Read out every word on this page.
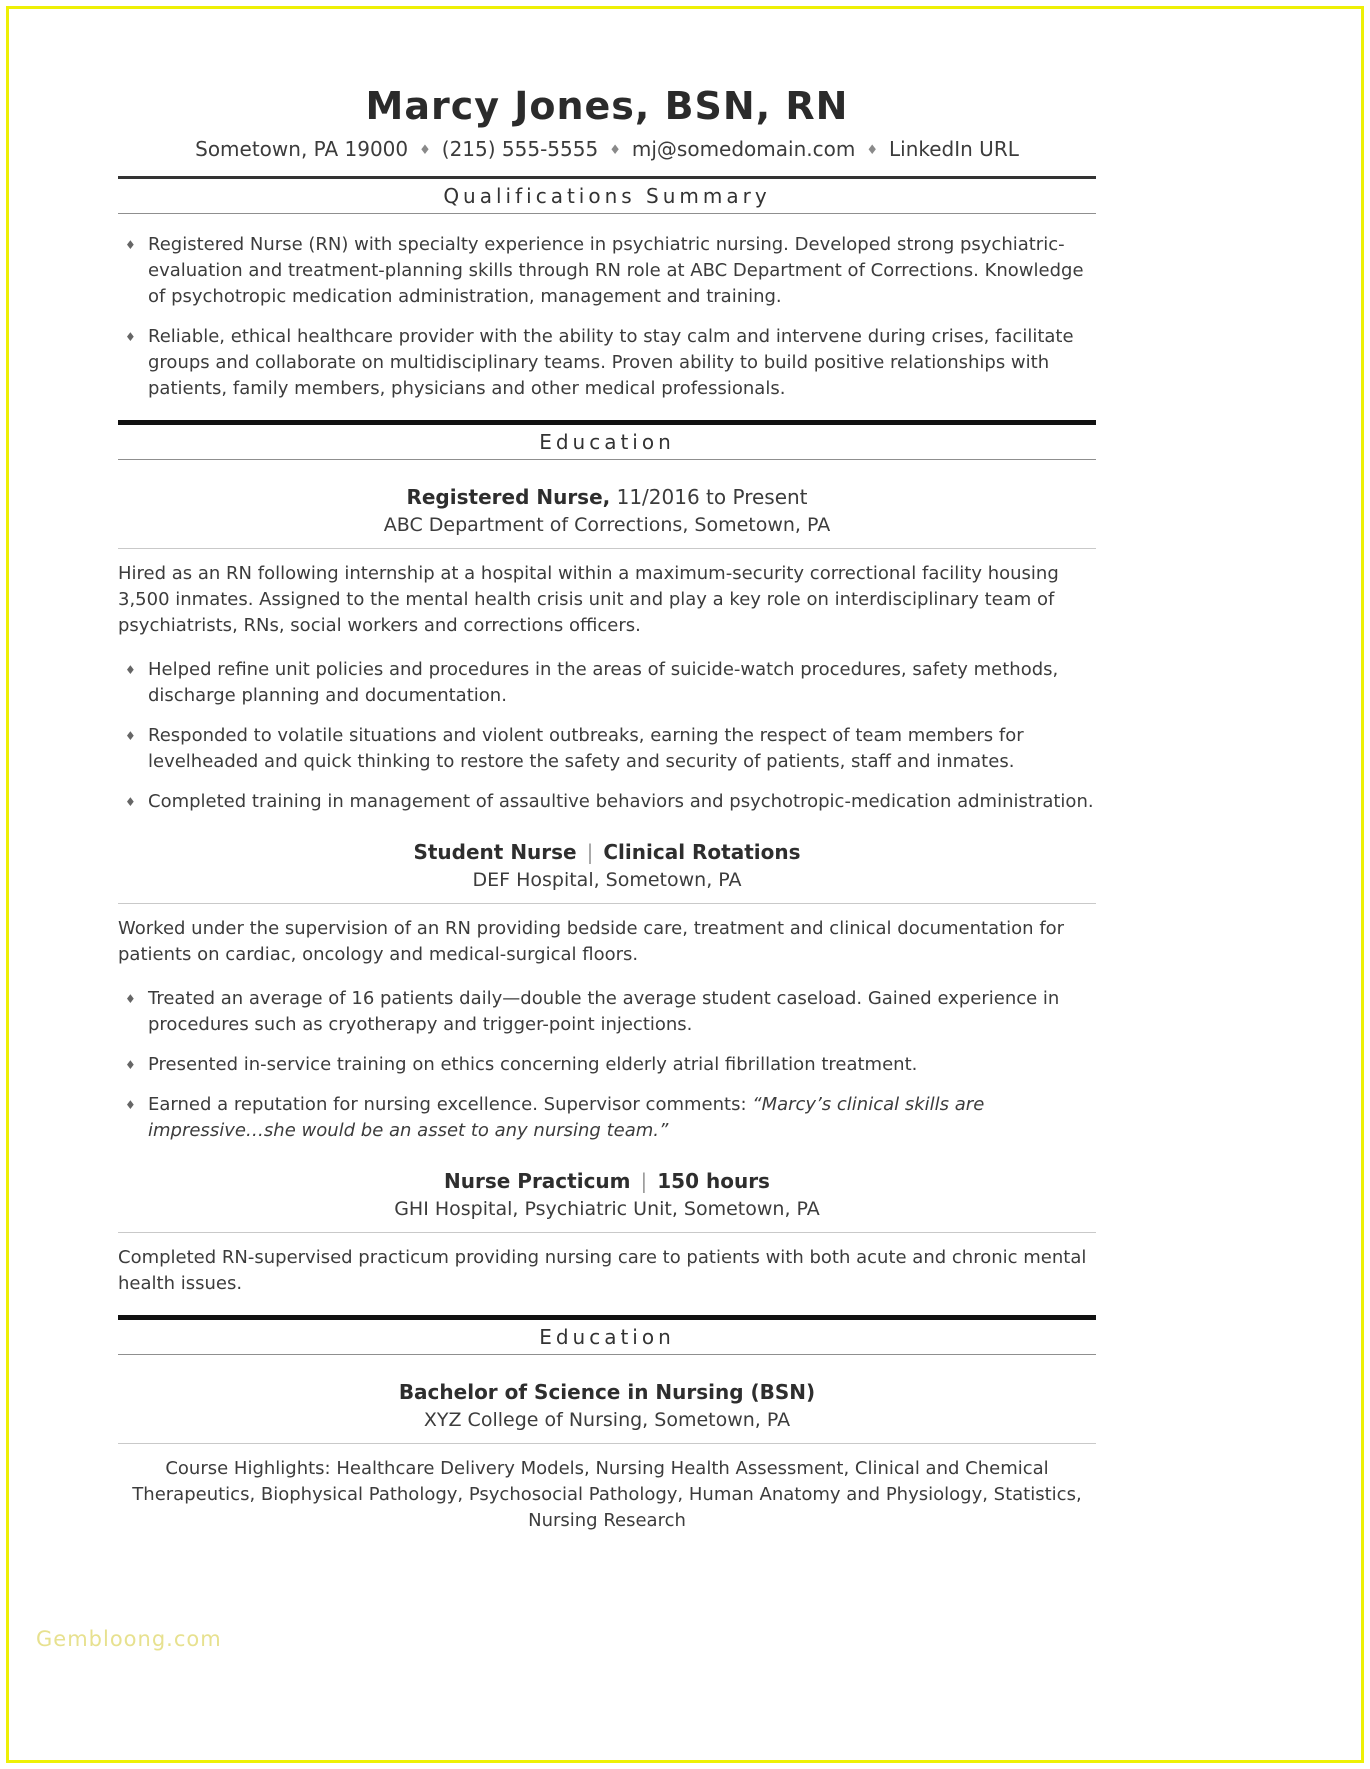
Marcy Jones, BSN, RN
Sometown, PA 19000 ♦ (215) 555-5555 ♦ mj@somedomain.com ♦ LinkedIn URL
Qualifications Summary
♦ Registered Nurse (RN) with specialty experience in psychiatric nursing. Developed strong psychiatric-evaluation and treatment-planning skills through RN role at ABC Department of Corrections. Knowledge of psychotropic medication administration, management and training.
♦ Reliable, ethical healthcare provider with the ability to stay calm and intervene during crises, facilitate groups and collaborate on multidisciplinary teams. Proven ability to build positive relationships with patients, family members, physicians and other medical professionals.
Education
Registered Nurse, 11/2016 to Present
ABC Department of Corrections, Sometown, PA
Hired as an RN following internship at a hospital within a maximum-security correctional facility housing 3,500 inmates. Assigned to the mental health crisis unit and play a key role on interdisciplinary team of psychiatrists, RNs, social workers and corrections officers.
♦ Helped refine unit policies and procedures in the areas of suicide-watch procedures, safety methods, discharge planning and documentation.
♦ Responded to volatile situations and violent outbreaks, earning the respect of team members for levelheaded and quick thinking to restore the safety and security of patients, staff and inmates.
♦ Completed training in management of assaultive behaviors and psychotropic-medication administration.
Student Nurse | Clinical Rotations
DEF Hospital, Sometown, PA
Worked under the supervision of an RN providing bedside care, treatment and clinical documentation for patients on cardiac, oncology and medical-surgical floors.
♦ Treated an average of 16 patients daily—double the average student caseload. Gained experience in procedures such as cryotherapy and trigger-point injections.
♦ Presented in-service training on ethics concerning elderly atrial fibrillation treatment.
♦ Earned a reputation for nursing excellence. Supervisor comments: “Marcy’s clinical skills are impressive…she would be an asset to any nursing team.”
Nurse Practicum | 150 hours
GHI Hospital, Psychiatric Unit, Sometown, PA
Completed RN-supervised practicum providing nursing care to patients with both acute and chronic mental health issues.
Education
Bachelor of Science in Nursing (BSN)
XYZ College of Nursing, Sometown, PA
Course Highlights: Healthcare Delivery Models, Nursing Health Assessment, Clinical and Chemical Therapeutics, Biophysical Pathology, Psychosocial Pathology, Human Anatomy and Physiology, Statistics, Nursing Research
Gembloong.com
